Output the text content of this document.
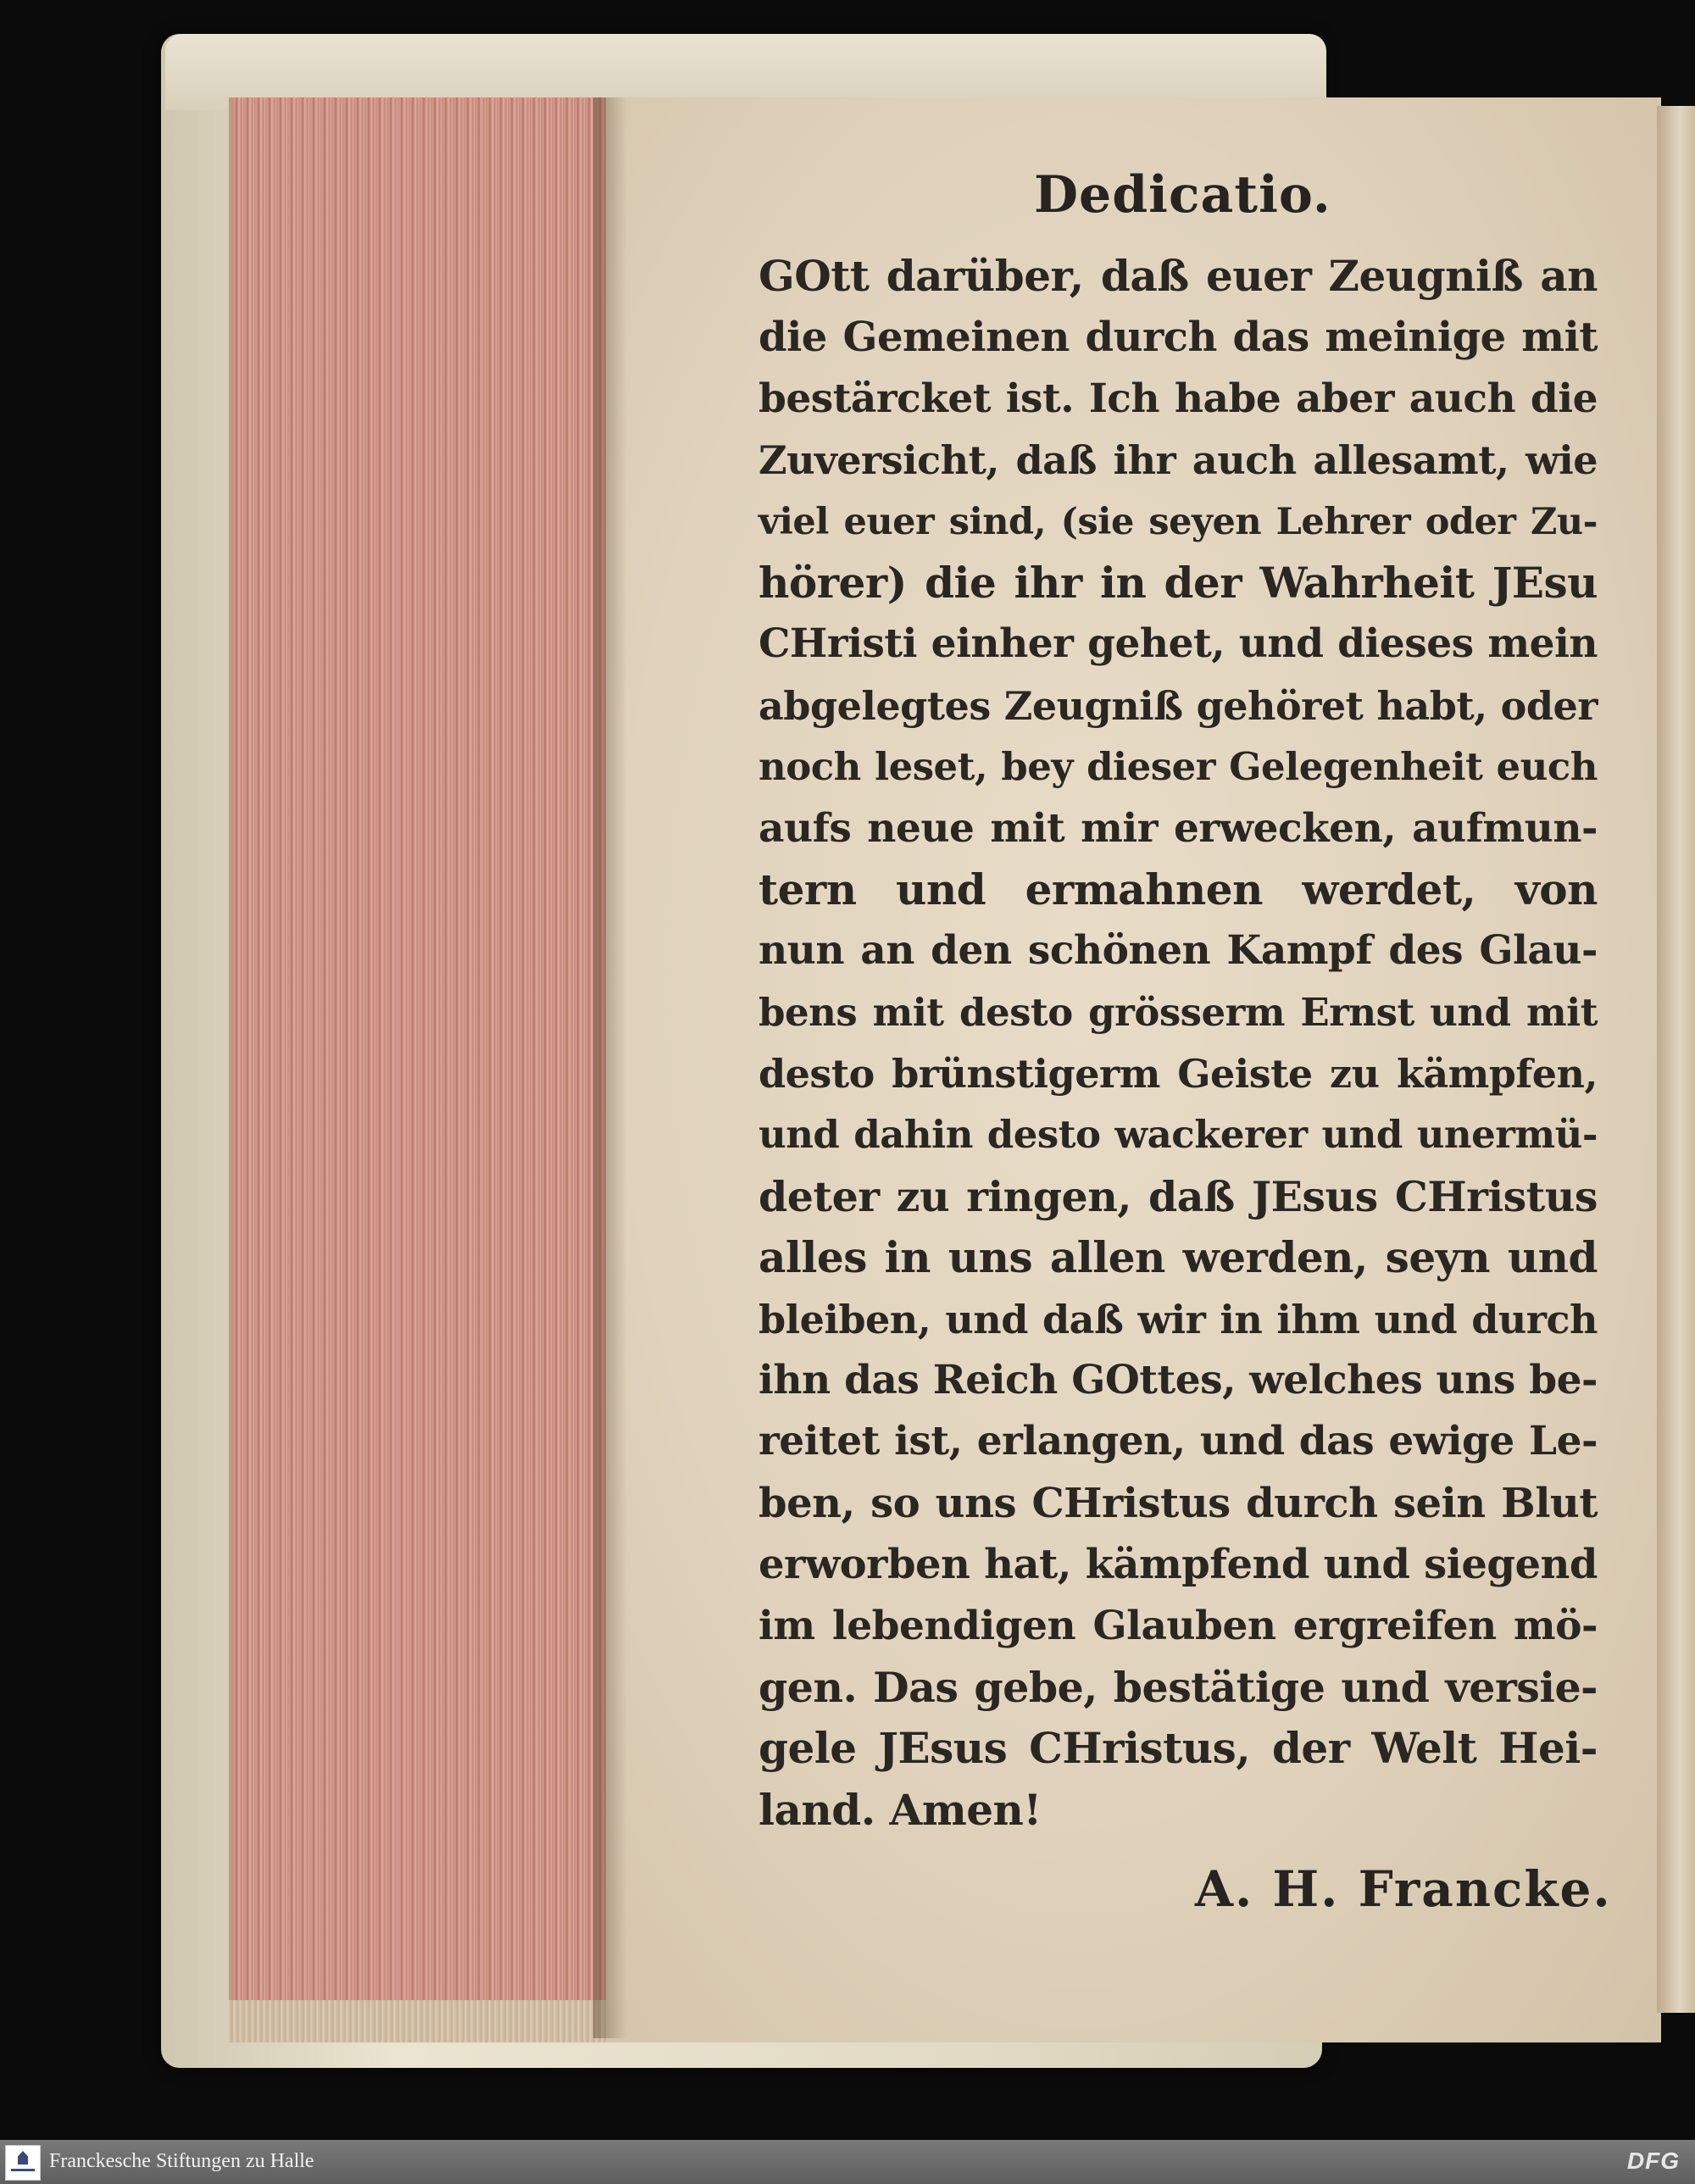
Dedicatio.
GOtt darüber, daß euer Zeugniß an
die Gemeinen durch das meinige mit
bestärcket ist. Ich habe aber auch die
Zuversicht, daß ihr auch allesamt, wie
viel euer sind, (sie seyen Lehrer oder Zu-
hörer) die ihr in der Wahrheit JEsu
CHristi einher gehet, und dieses mein
abgelegtes Zeugniß gehöret habt, oder
noch leset, bey dieser Gelegenheit euch
aufs neue mit mir erwecken, aufmun-
tern und ermahnen werdet, von
nun an den schönen Kampf des Glau-
bens mit desto grösserm Ernst und mit
desto brünstigerm Geiste zu kämpfen,
und dahin desto wackerer und unermü-
deter zu ringen, daß JEsus CHristus
alles in uns allen werden, seyn und
bleiben, und daß wir in ihm und durch
ihn das Reich GOttes, welches uns be-
reitet ist, erlangen, und das ewige Le-
ben, so uns CHristus durch sein Blut
erworben hat, kämpfend und siegend
im lebendigen Glauben ergreifen mö-
gen. Das gebe, bestätige und versie-
gele JEsus CHristus, der Welt Hei-
land. Amen!
A. H. Francke.
Franckesche Stiftungen zu Halle	DFG
